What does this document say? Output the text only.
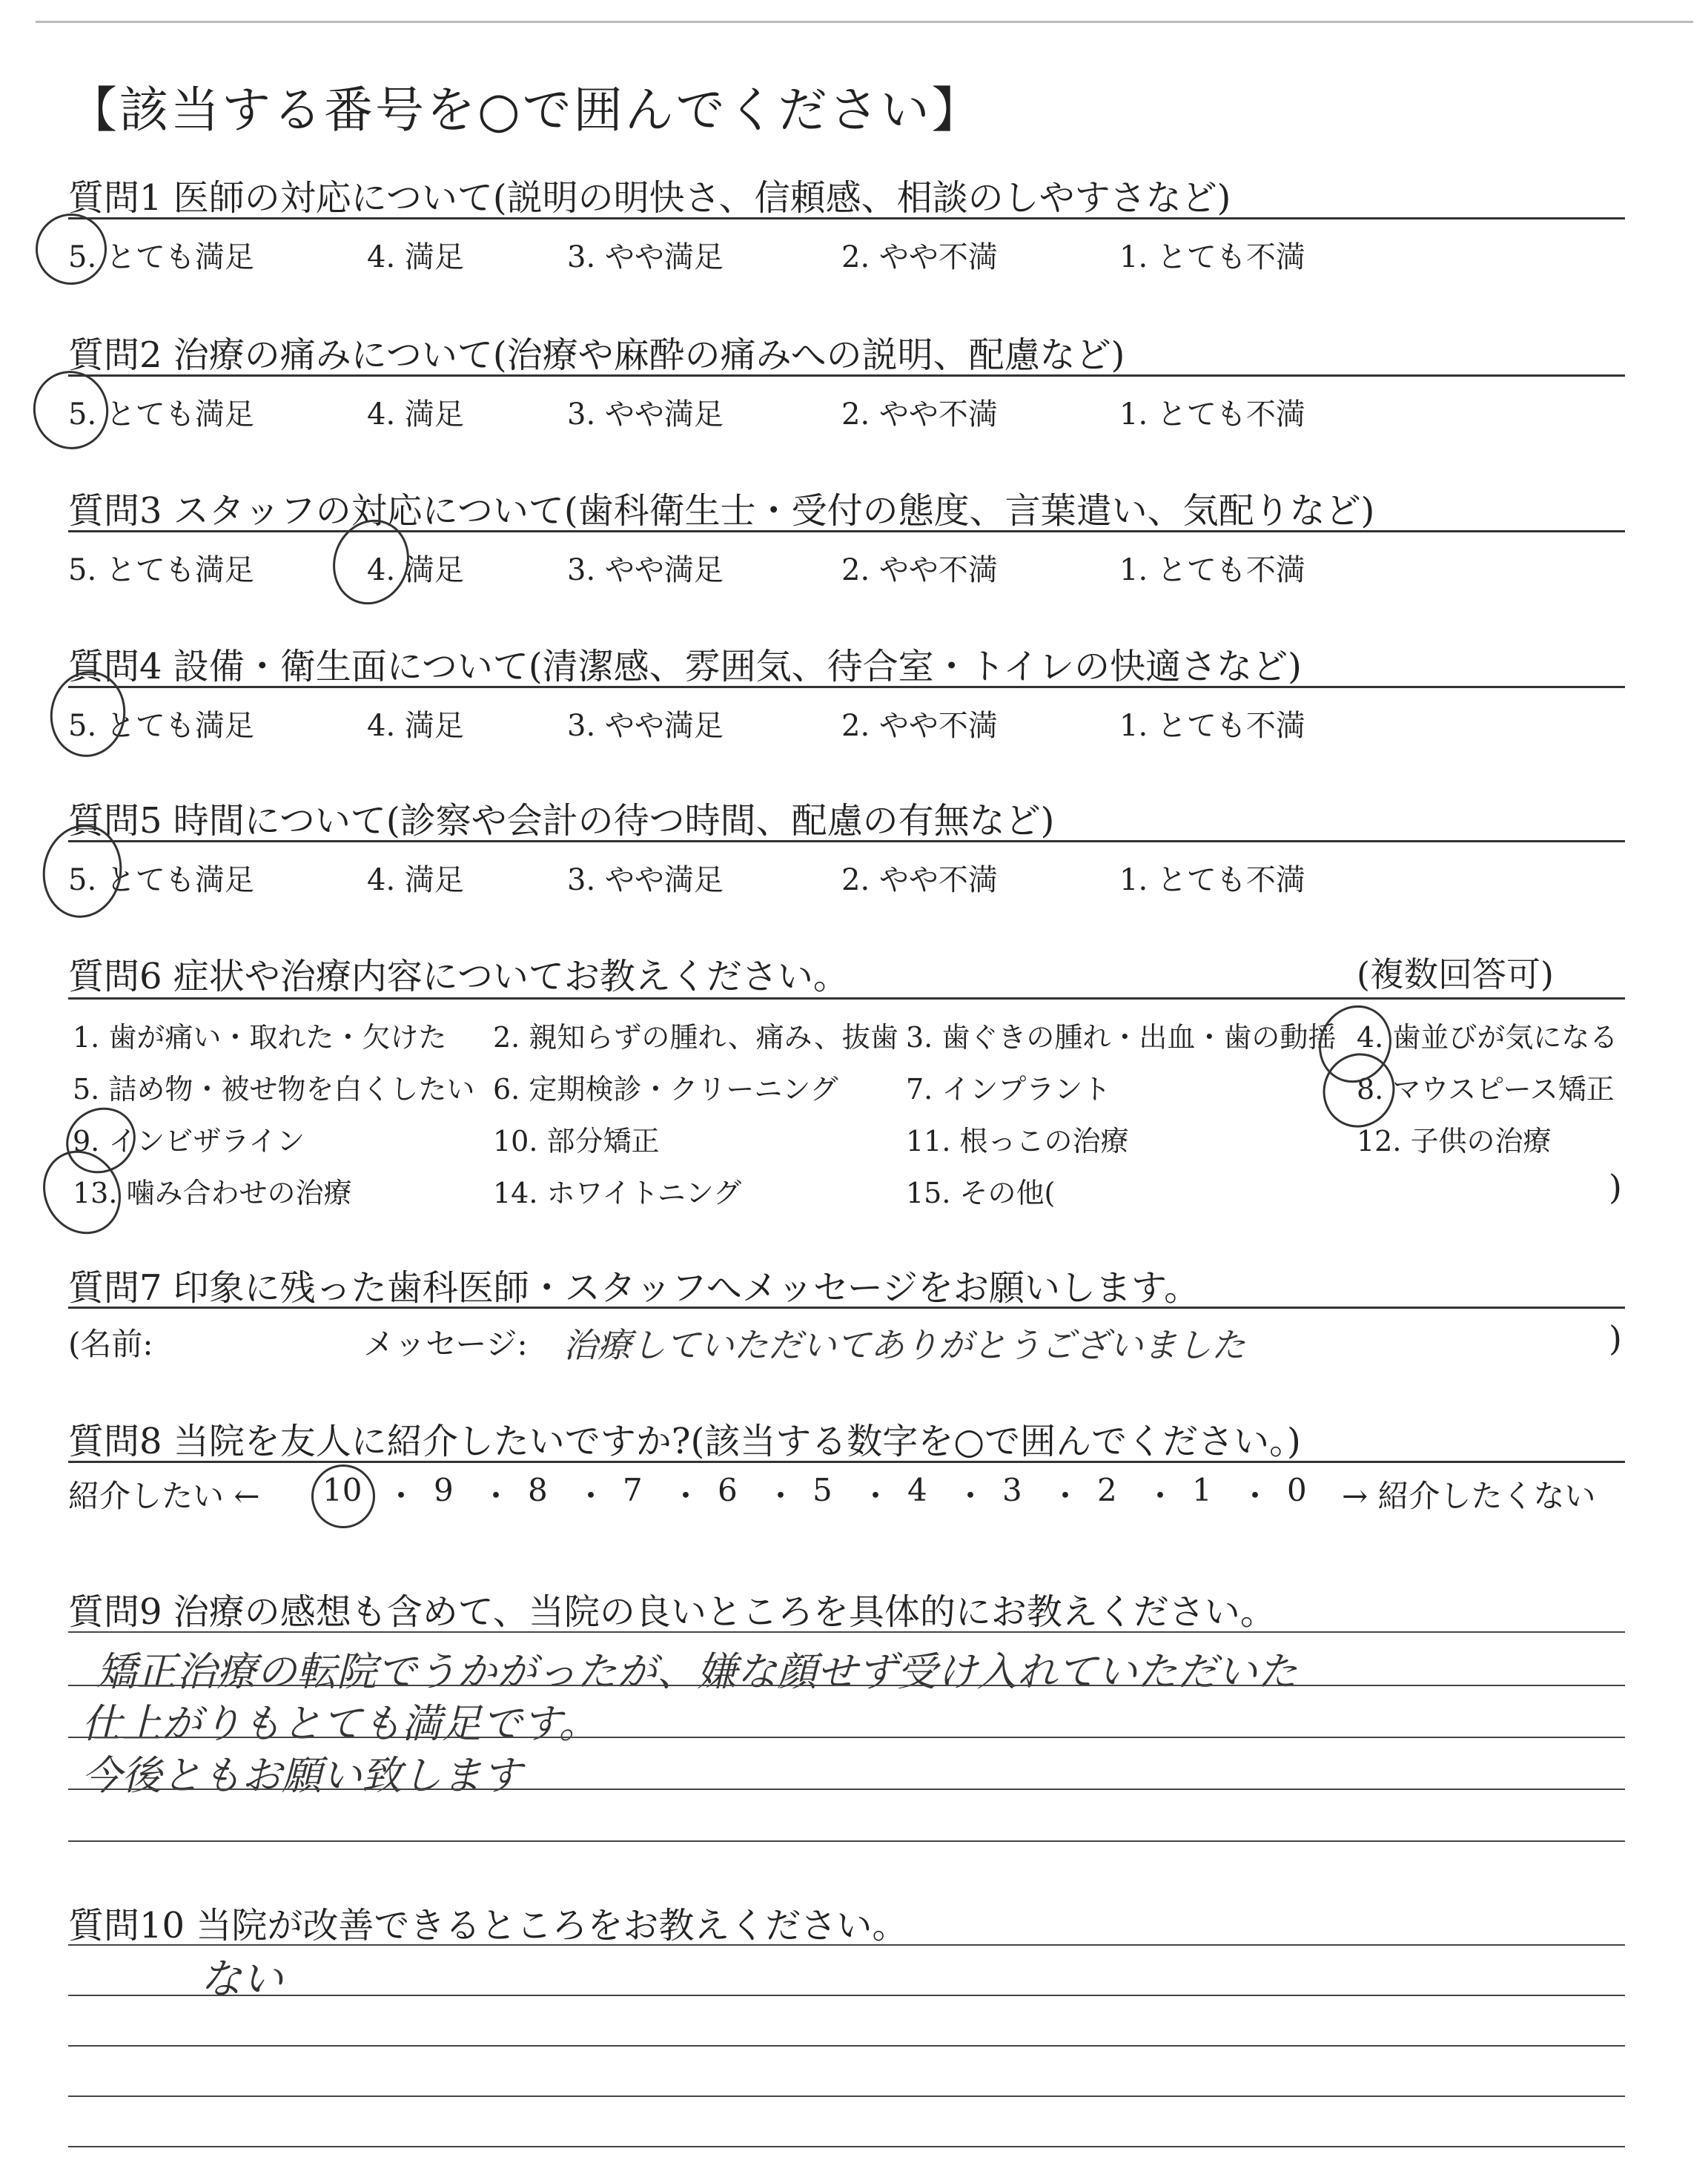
【該当する番号を○で囲んでください】
質問1 医師の対応について(説明の明快さ、信頼感、相談のしやすさなど)
5. とても満足	4. 満足	3. やや満足	2. やや不満	1. とても不満
質問2 治療の痛みについて(治療や麻酔の痛みへの説明、配慮など)
5. とても満足	4. 満足	3. やや満足	2. やや不満	1. とても不満
質問3 スタッフの対応について(歯科衛生士・受付の態度、言葉遣い、気配りなど)
5. とても満足	4. 満足	3. やや満足	2. やや不満	1. とても不満
質問4 設備・衛生面について(清潔感、雰囲気、待合室・トイレの快適さなど)
5. とても満足	4. 満足	3. やや満足	2. やや不満	1. とても不満
質問5 時間について(診察や会計の待つ時間、配慮の有無など)
5. とても満足	4. 満足	3. やや満足	2. やや不満	1. とても不満
質問6 症状や治療内容についてお教えください。	(複数回答可)
1. 歯が痛い・取れた・欠けた 2. 親知らずの腫れ、痛み、抜歯 3. 歯ぐきの腫れ・出血・歯の動揺 4. 歯並びが気になる
5. 詰め物・被せ物を白くしたい 6. 定期検診・クリーニング 7. インプラント	8. マウスピース矯正
9. インビザライン	10. 部分矯正	11. 根っこの治療	12. 子供の治療
13. 噛み合わせの治療	14. ホワイトニング	15. その他(	)
質問7 印象に残った歯科医師・スタッフへメッセージをお願いします。
(名前:	メッセージ: 治療していただいてありがとうございました	)
質問8 当院を友人に紹介したいですか?(該当する数字を○で囲んでください。)
紹介したい ← 10 ・ 9 ・ 8 ・ 7 ・ 6 ・ 5 ・ 4 ・ 3 ・ 2 ・ 1 ・ 0 → 紹介したくない
質問9 治療の感想も含めて、当院の良いところを具体的にお教えください。
矯正治療の転院でうかがったが、嫌な顔せず受け入れていただいた
仕上がりもとても満足です。
今後ともお願い致します
質問10 当院が改善できるところをお教えください。
ない
